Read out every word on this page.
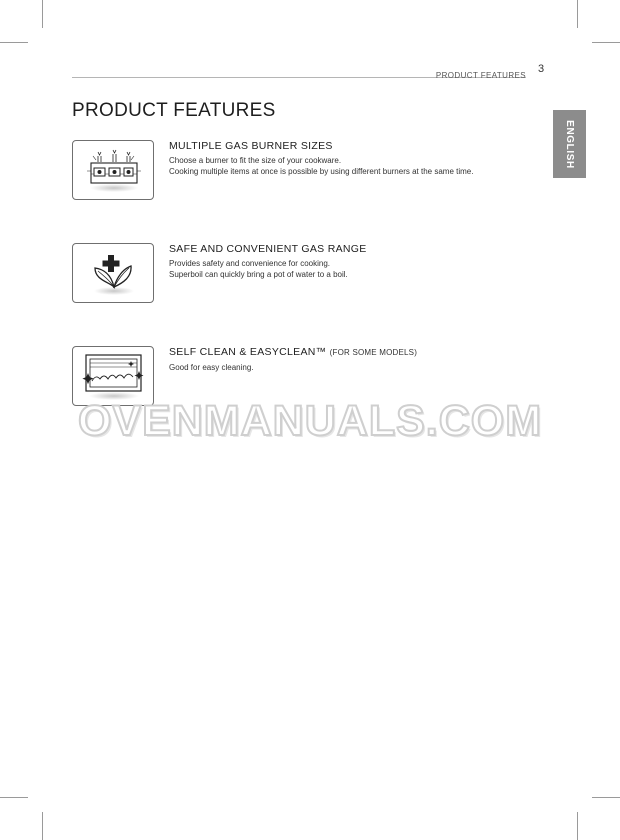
PRODUCT FEATURES
3
ENGLISH
PRODUCT FEATURES

MULTIPLE GAS BURNER SIZES

Choose a burner to fit the size of your cookware.

Cooking multiple items at once is possible by using different burners at the same time.

SAFE AND CONVENIENT GAS RANGE

Provides safety and convenience for cooking.

Superboil can quickly bring a pot of water to a boil.

SELF CLEAN & EASYCLEAN™ (FOR SOME MODELS)

Good for easy cleaning.

OVENMANUALS.COM
